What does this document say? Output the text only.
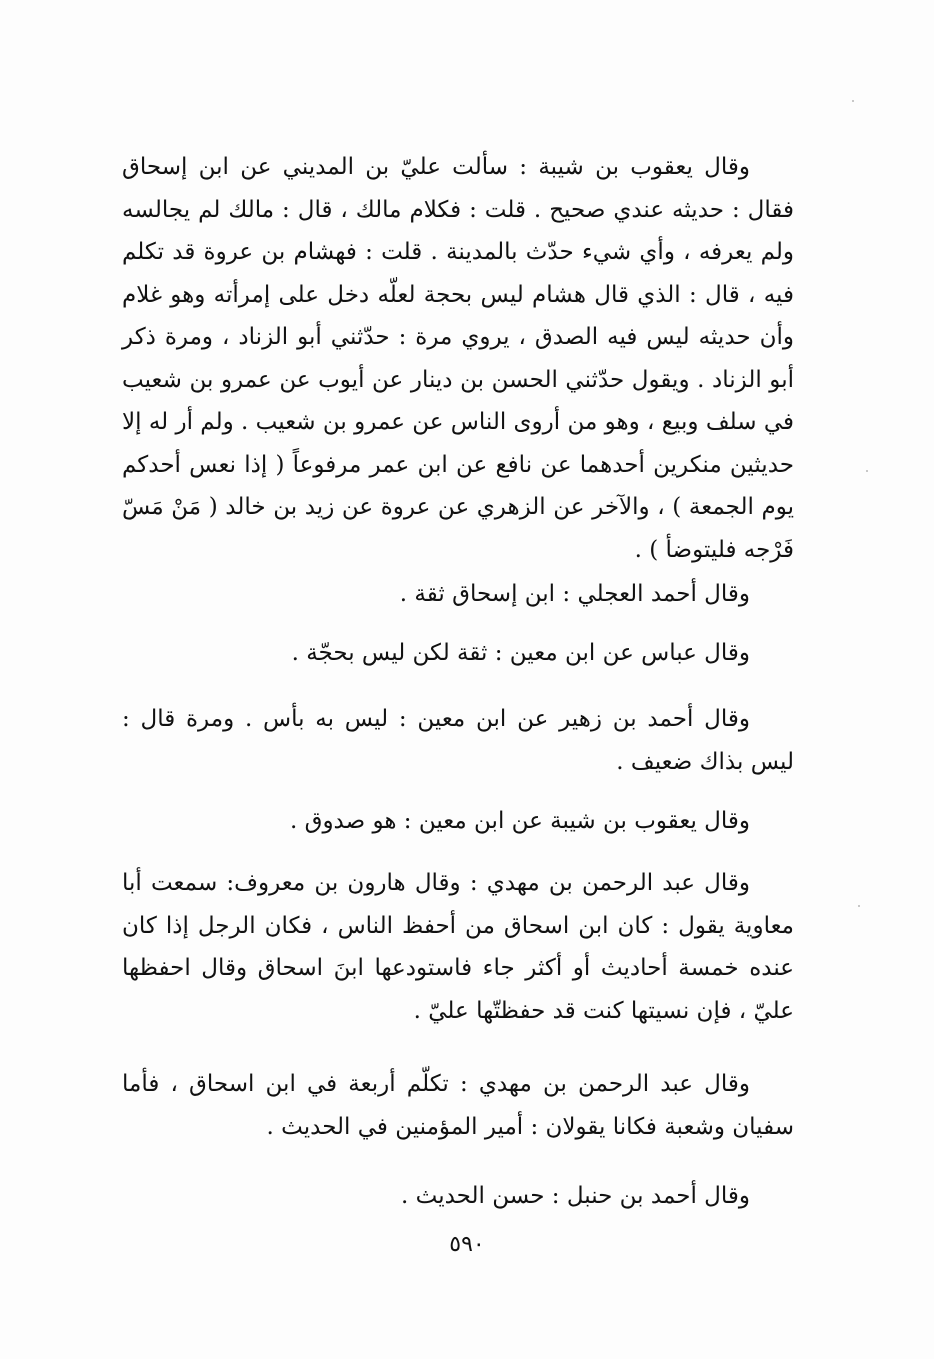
وقال يعقوب بن شيبة : سألت عليّ بن المديني عن ابن إسحاق فقال : حديثه عندي صحيح . قلت : فكلام مالك ، قال : مالك لم يجالسه ولم يعرفه ، وأي شيء حدّث بالمدينة . قلت : فهشام بن عروة قد تكلم فيه ، قال : الذي قال هشام ليس بحجة لعلّه دخل على إمرأته وهو غلام وأن حديثه ليس فيه الصدق ، يروي مرة : حدّثني أبو الزناد ، ومرة ذكر أبو الزناد . ويقول حدّثني الحسن بن دينار عن أيوب عن عمرو بن شعيب في سلف وبيع ، وهو من أروى الناس عن عمرو بن شعيب . ولم أر له إلا حديثين منكرين أحدهما عن نافع عن ابن عمر مرفوعاً ( إذا نعس أحدكم يوم الجمعة ) ، والآخر عن الزهري عن عروة عن زيد بن خالد ( مَنْ مَسّ فَرْجه فليتوضأ ) .

وقال أحمد العجلي : ابن إسحاق ثقة .

وقال عباس عن ابن معين : ثقة لكن ليس بحجّة .

وقال أحمد بن زهير عن ابن معين : ليس به بأس . ومرة قال : ليس بذاك ضعيف .

وقال يعقوب بن شيبة عن ابن معين : هو صدوق .

وقال عبد الرحمن بن مهدي : وقال هارون بن معروف: سمعت أبا معاوية يقول : كان ابن اسحاق من أحفظ الناس ، فكان الرجل إذا كان عنده خمسة أحاديث أو أكثر جاء فاستودعها ابنَ اسحاق وقال احفظها عليّ ، فإن نسيتها كنت قد حفظتّها عليّ .

وقال عبد الرحمن بن مهدي : تكلّم أربعة في ابن اسحاق ، فأما سفيان وشعبة فكانا يقولان : أمير المؤمنين في الحديث .

وقال أحمد بن حنبل : حسن الحديث .

٥٩٠
